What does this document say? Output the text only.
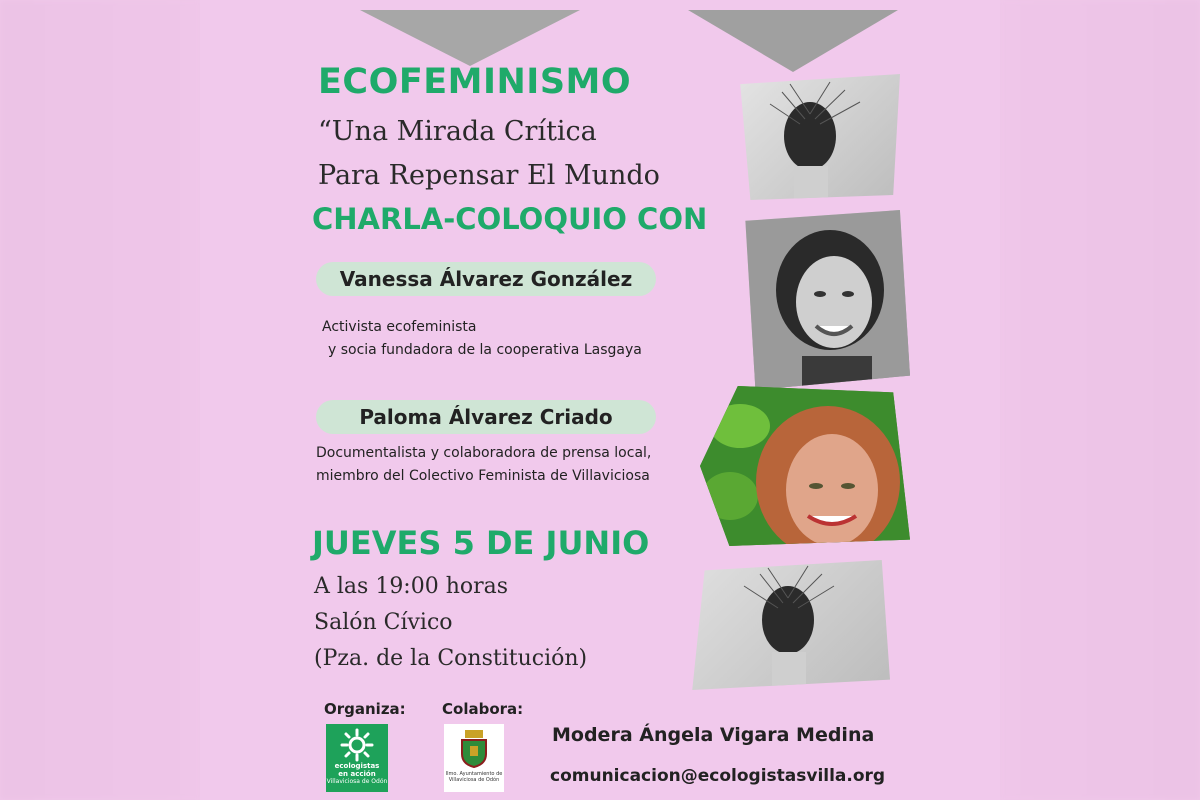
ECOFEMINISMO
“Una Mirada Crítica
Para Repensar El Mundo
CHARLA-COLOQUIO CON
Vanessa Álvarez González
Activista ecofeminista
y socia fundadora de la cooperativa Lasgaya
Paloma Álvarez Criado
Documentalista y colaboradora de prensa local,
miembro del Colectivo Feminista de Villaviciosa
JUEVES 5 DE JUNIO
A las 19:00 horas
Salón Cívico
(Pza. de la Constitución)
Organiza: Colabora:
ecologistas
en acción
Villaviciosa de Odón
Ilmo. Ayuntamiento de
Villaviciosa de Odón
Modera Ángela Vigara Medina
comunicacion@ecologistasvilla.org
